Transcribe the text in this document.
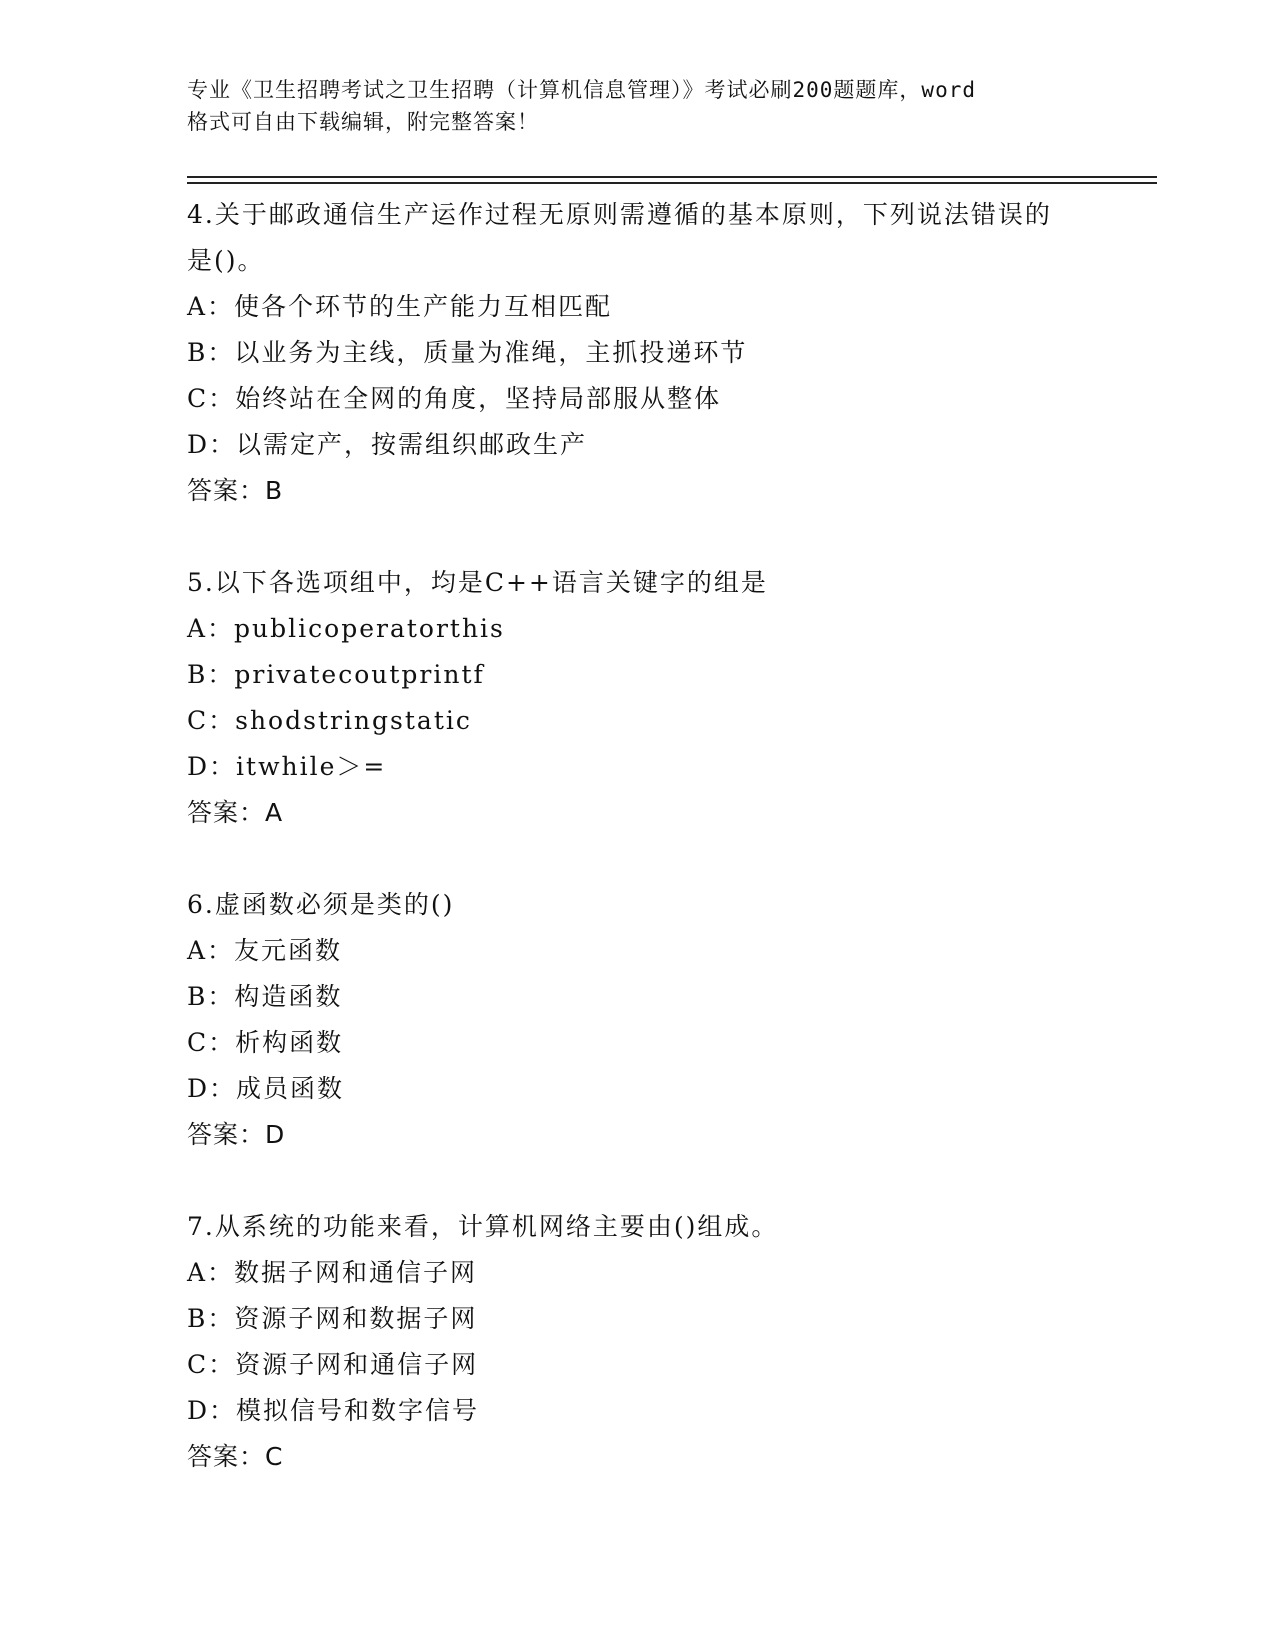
专业《卫生招聘考试之卫生招聘（计算机信息管理）》考试必刷200题题库，word
格式可自由下载编辑，附完整答案！
4.关于邮政通信生产运作过程无原则需遵循的基本原则，下列说法错误的是()。
A：使各个环节的生产能力互相匹配
B：以业务为主线，质量为准绳，主抓投递环节
C：始终站在全网的角度，坚持局部服从整体
D：以需定产，按需组织邮政生产
答案：B
5.以下各选项组中，均是C++语言关键字的组是
A：publicoperatorthis
B：privatecoutprintf
C：shodstringstatic
D：itwhile＞=
答案：A
6.虚函数必须是类的()
A：友元函数
B：构造函数
C：析构函数
D：成员函数
答案：D
7.从系统的功能来看，计算机网络主要由()组成。
A：数据子网和通信子网
B：资源子网和数据子网
C：资源子网和通信子网
D：模拟信号和数字信号
答案：C
